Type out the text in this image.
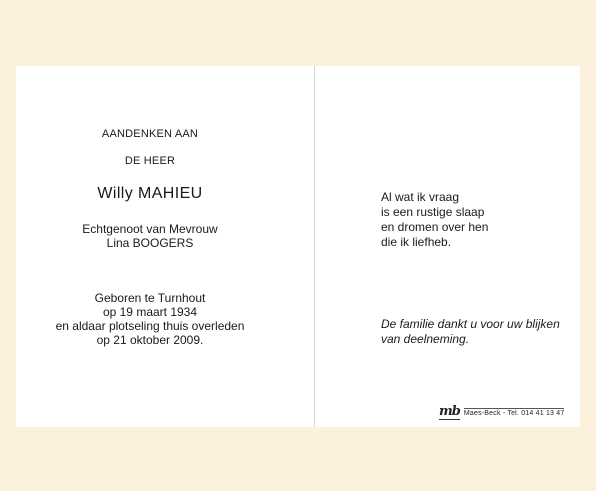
AANDENKEN AAN
DE HEER
Willy MAHIEU
Echtgenoot van Mevrouw
Lina BOOGERS
Geboren te Turnhout
op 19 maart 1934
en aldaar plotseling thuis overleden
op 21 oktober 2009.
Al wat ik vraag
is een rustige slaap
en dromen over hen
die ik liefheb.
De familie dankt u voor uw blijken
van deelneming.
mb Maes-Beck - Tel. 014 41 13 47
